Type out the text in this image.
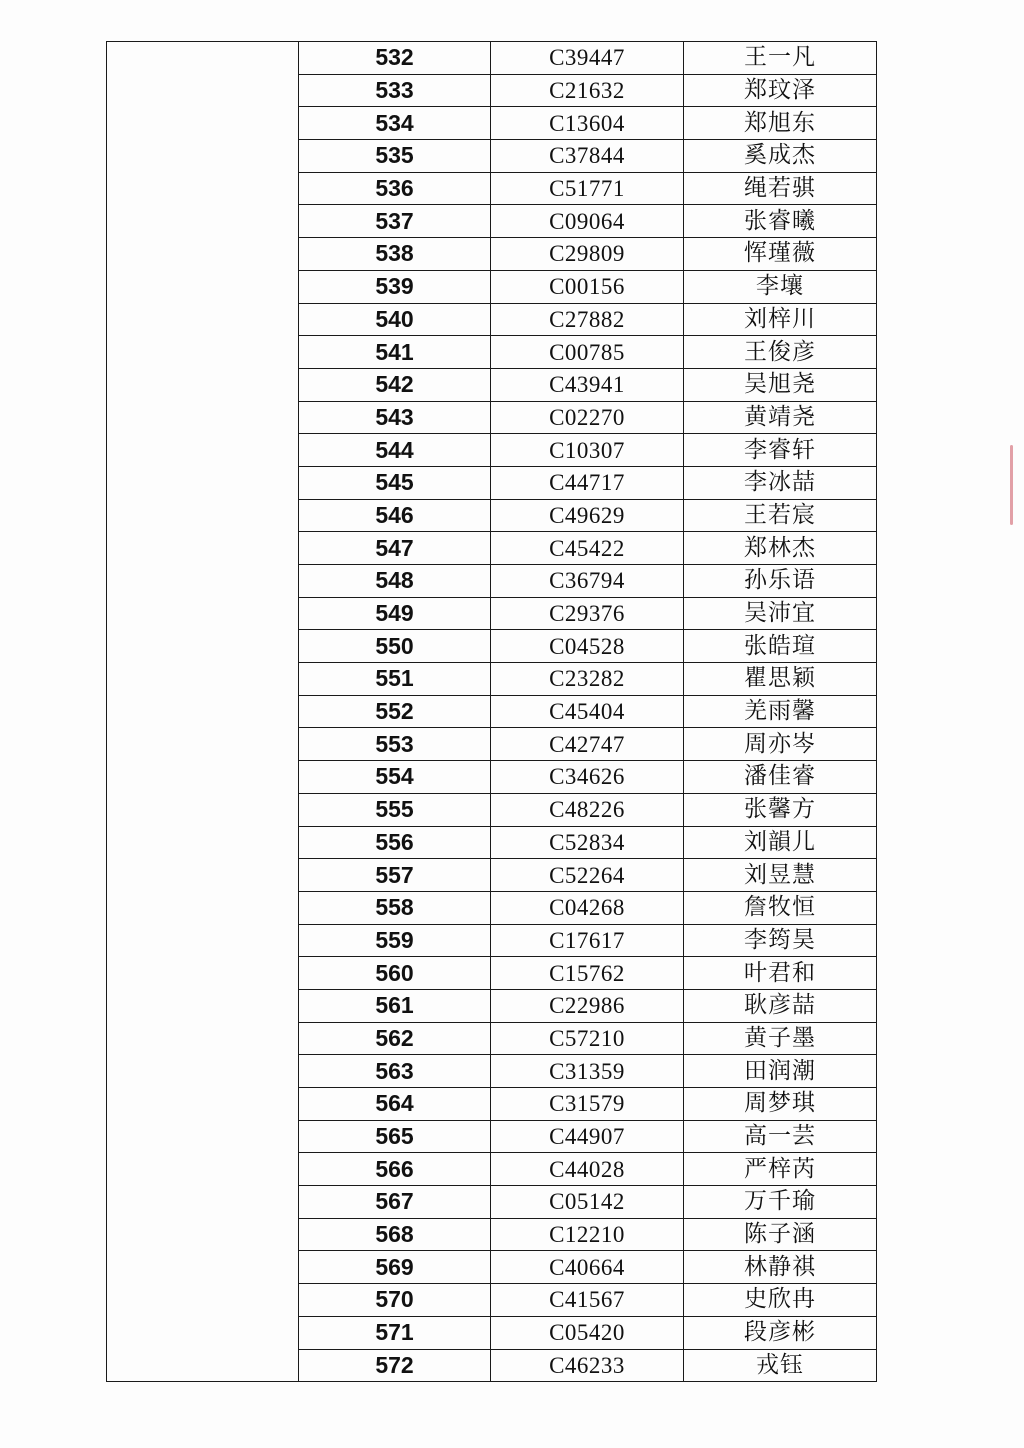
	532	C39447	王一凡
	533	C21632	郑玟泽
	534	C13604	郑旭东
	535	C37844	奚成杰
	536	C51771	绳若骐
	537	C09064	张睿曦
	538	C29809	恽瑾薇
	539	C00156	李壤
	540	C27882	刘梓川
	541	C00785	王俊彦
	542	C43941	吴旭尧
	543	C02270	黄靖尧
	544	C10307	李睿轩
	545	C44717	李冰喆
	546	C49629	王若宸
	547	C45422	郑林杰
	548	C36794	孙乐语
	549	C29376	吴沛宜
	550	C04528	张皓瑄
	551	C23282	瞿思颖
	552	C45404	羌雨馨
	553	C42747	周亦岑
	554	C34626	潘佳睿
	555	C48226	张馨方
	556	C52834	刘韻儿
	557	C52264	刘昱慧
	558	C04268	詹牧恒
	559	C17617	李筠昊
	560	C15762	叶君和
	561	C22986	耿彦喆
	562	C57210	黄子墨
	563	C31359	田润潮
	564	C31579	周梦琪
	565	C44907	高一芸
	566	C44028	严梓芮
	567	C05142	万千瑜
	568	C12210	陈子涵
	569	C40664	林静祺
	570	C41567	史欣冉
	571	C05420	段彦彬
	572	C46233	戎钰
